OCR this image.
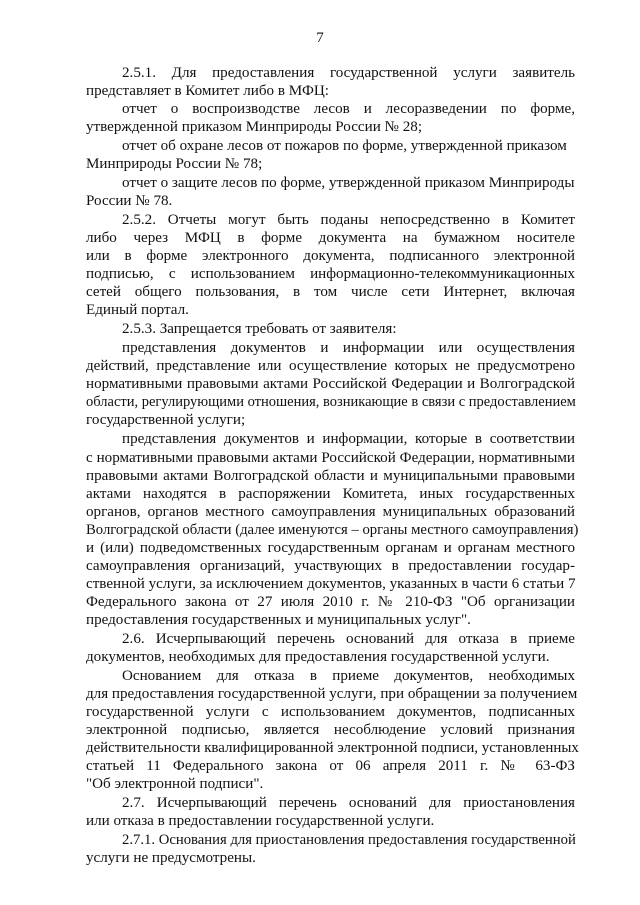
7
2.5.1. Для предоставления государственной услуги заявитель
представляет в Комитет либо в МФЦ:
отчет о воспроизводстве лесов и лесоразведении по форме,
утвержденной приказом Минприроды России № 28;
отчет об охране лесов от пожаров по форме, утвержденной приказом
Минприроды России № 78;
отчет о защите лесов по форме, утвержденной приказом Минприроды
России № 78.
2.5.2. Отчеты могут быть поданы непосредственно в Комитет
либо через МФЦ в форме документа на бумажном носителе
или в форме электронного документа, подписанного электронной
подписью, с использованием информационно-телекоммуникационных
сетей общего пользования, в том числе сети Интернет, включая
Единый портал.
2.5.3. Запрещается требовать от заявителя:
представления документов и информации или осуществления
действий, представление или осуществление которых не предусмотрено
нормативными правовыми актами Российской Федерации и Волгоградской
области, регулирующими отношения, возникающие в связи с предоставлением
государственной услуги;
представления документов и информации, которые в соответствии
с нормативными правовыми актами Российской Федерации, нормативными
правовыми актами Волгоградской области и муниципальными правовыми
актами находятся в распоряжении Комитета, иных государственных
органов, органов местного самоуправления муниципальных образований
Волгоградской области (далее именуются – органы местного самоуправления)
и (или) подведомственных государственным органам и органам местного
самоуправления организаций, участвующих в предоставлении государ-
ственной услуги, за исключением документов, указанных в части 6 статьи 7
Федерального закона от 27 июля 2010 г. № 210-ФЗ "Об организации
предоставления государственных и муниципальных услуг".
2.6. Исчерпывающий перечень оснований для отказа в приеме
документов, необходимых для предоставления государственной услуги.
Основанием для отказа в приеме документов, необходимых
для предоставления государственной услуги, при обращении за получением
государственной услуги с использованием документов, подписанных
электронной подписью, является несоблюдение условий признания
действительности квалифицированной электронной подписи, установленных
статьей 11 Федерального закона от 06 апреля 2011 г. № 63-ФЗ
"Об электронной подписи".
2.7. Исчерпывающий перечень оснований для приостановления
или отказа в предоставлении государственной услуги.
2.7.1. Основания для приостановления предоставления государственной
услуги не предусмотрены.
